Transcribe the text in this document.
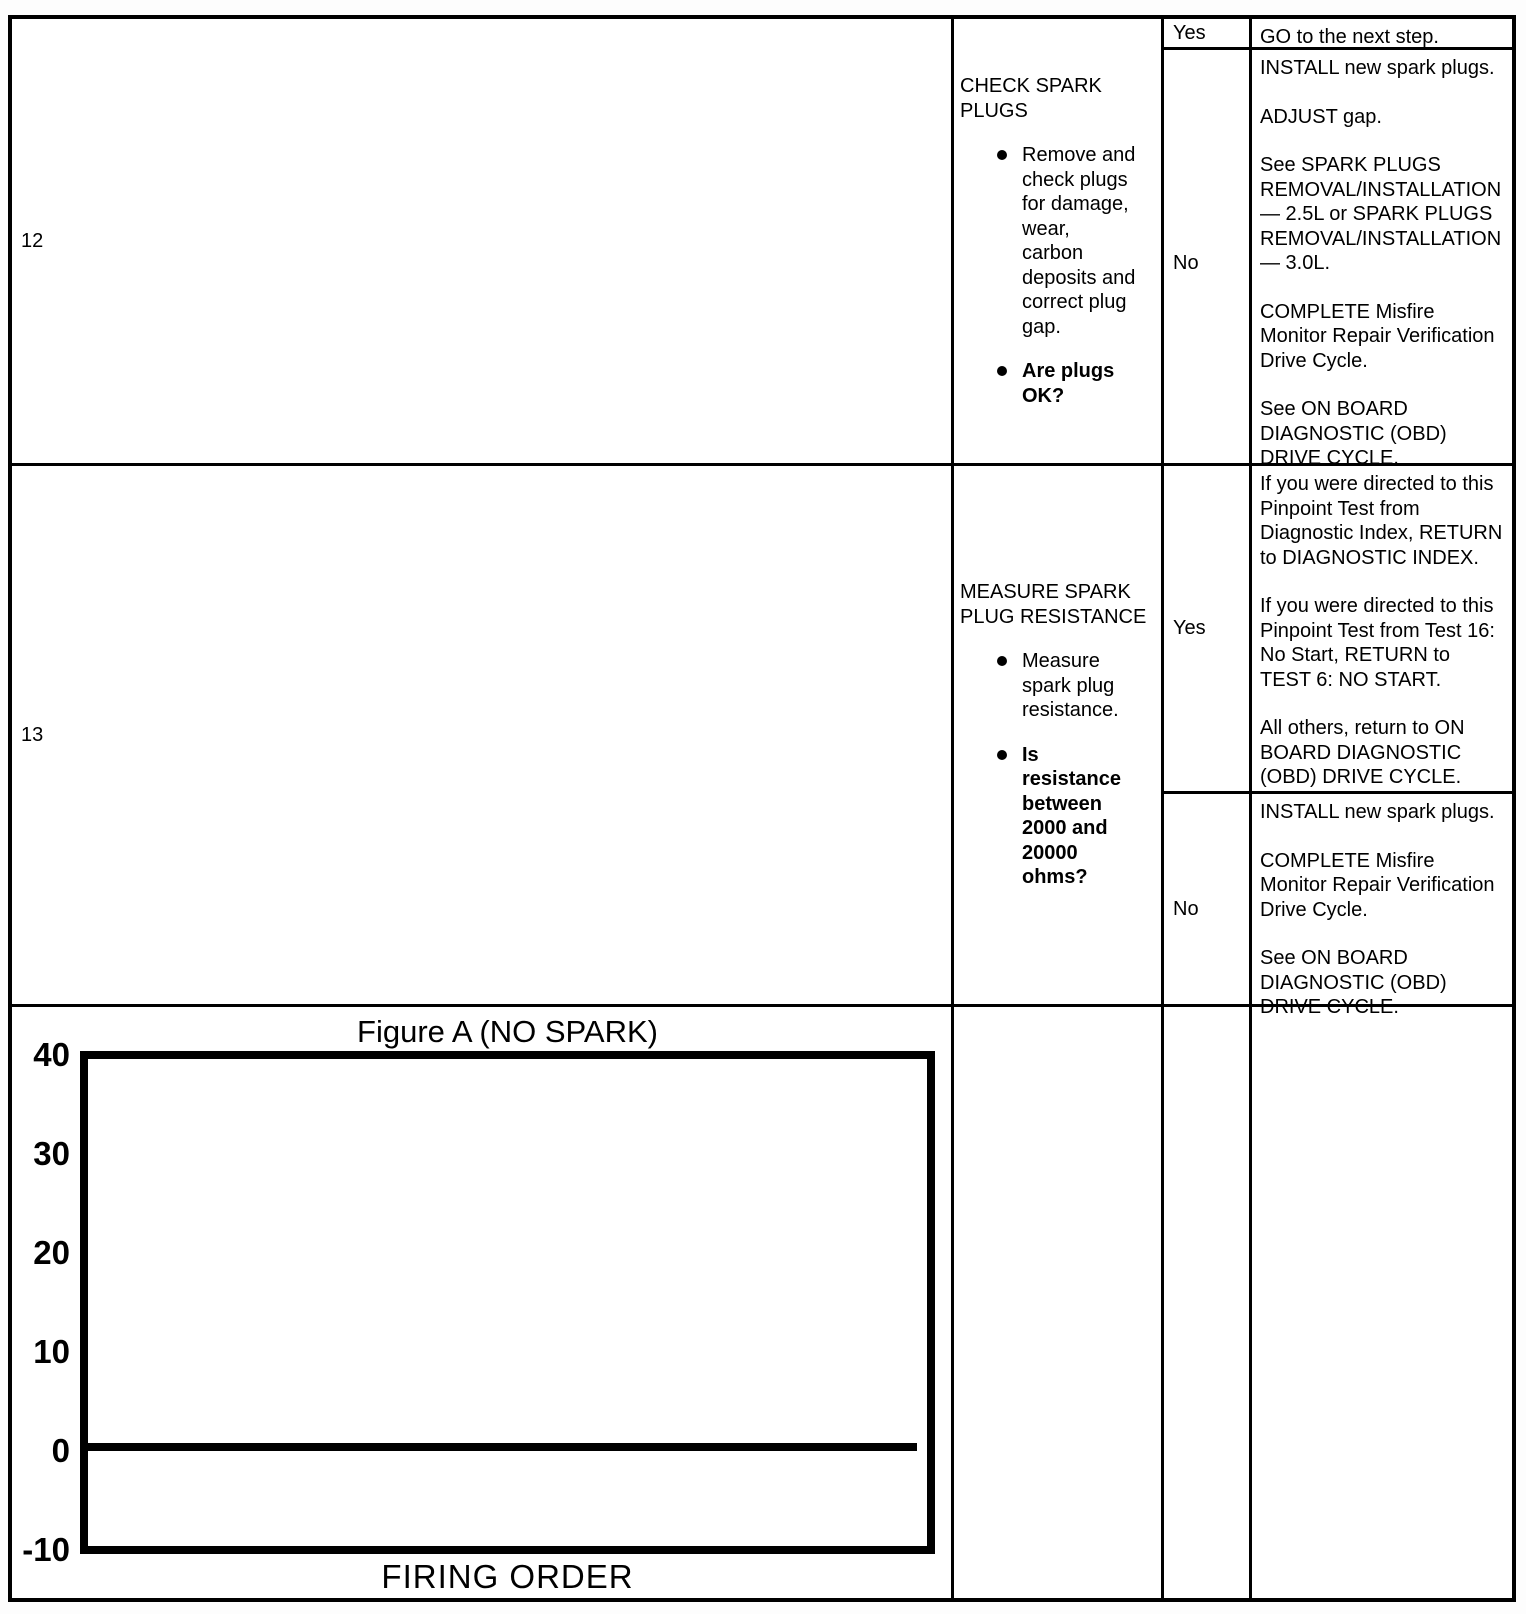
12
CHECK SPARK PLUGS
Remove and check plugs for damage, wear, carbon deposits and correct plug gap.
Are plugs OK?
Yes	GO to the next step.

No

INSTALL new spark plugs.

ADJUST gap.

See SPARK PLUGS REMOVAL/INSTALLATION — 2.5L or SPARK PLUGS REMOVAL/INSTALLATION — 3.0L.

COMPLETE Misfire Monitor Repair Verification Drive Cycle.

See ON BOARD DIAGNOSTIC (OBD) DRIVE CYCLE.

13
MEASURE SPARK PLUG RESISTANCE
Measure spark plug resistance.
Is resistance between 2000 and 20000 ohms?
Yes

If you were directed to this Pinpoint Test from Diagnostic Index, RETURN to DIAGNOSTIC INDEX.

If you were directed to this Pinpoint Test from Test 16: No Start, RETURN to TEST 6: NO START.

All others, return to ON BOARD DIAGNOSTIC (OBD) DRIVE CYCLE.

No

INSTALL new spark plugs.

COMPLETE Misfire Monitor Repair Verification Drive Cycle.

See ON BOARD DIAGNOSTIC (OBD) DRIVE CYCLE.

Figure A (NO SPARK)
40
30
20
10
0
-10
FIRING ORDER
